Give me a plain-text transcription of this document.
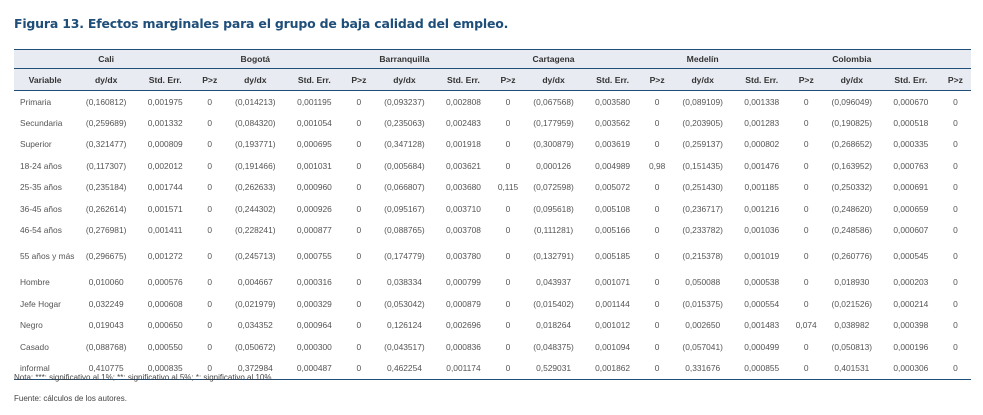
Figura 13. Efectos marginales para el grupo de baja calidad del empleo.
	Cali			Bogotá			Barranquilla			Cartagena			Medelín			Colombia		
Variable	dy/dx	Std. Err.	P>z	dy/dx	Std. Err.	P>z	dy/dx	Std. Err.	P>z	dy/dx	Std. Err.	P>z	dy/dx	Std. Err.	P>z	dy/dx	Std. Err.	P>z
Primaria	(0,160812)	0,001975	0	(0,014213)	0,001195	0	(0,093237)	0,002808	0	(0,067568)	0,003580	0	(0,089109)	0,001338	0	(0,096049)	0,000670	0
Secundaria	(0,259689)	0,001332	0	(0,084320)	0,001054	0	(0,235063)	0,002483	0	(0,177959)	0,003562	0	(0,203905)	0,001283	0	(0,190825)	0,000518	0
Superior	(0,321477)	0,000809	0	(0,193771)	0,000695	0	(0,347128)	0,001918	0	(0,300879)	0,003619	0	(0,259137)	0,000802	0	(0,268652)	0,000335	0
18-24 años	(0,117307)	0,002012	0	(0,191466)	0,001031	0	(0,005684)	0,003621	0	0,000126	0,004989	0,98	(0,151435)	0,001476	0	(0,163952)	0,000763	0
25-35 años	(0,235184)	0,001744	0	(0,262633)	0,000960	0	(0,066807)	0,003680	0,115	(0,072598)	0,005072	0	(0,251430)	0,001185	0	(0,250332)	0,000691	0
36-45 años	(0,262614)	0,001571	0	(0,244302)	0,000926	0	(0,095167)	0,003710	0	(0,095618)	0,005108	0	(0,236717)	0,001216	0	(0,248620)	0,000659	0
46-54 años	(0,276981)	0,001411	0	(0,228241)	0,000877	0	(0,088765)	0,003708	0	(0,111281)	0,005166	0	(0,233782)	0,001036	0	(0,248586)	0,000607	0
55 años y más	(0,296675)	0,001272	0	(0,245713)	0,000755	0	(0,174779)	0,003780	0	(0,132791)	0,005185	0	(0,215378)	0,001019	0	(0,260776)	0,000545	0
Hombre	0,010060	0,000576	0	0,004667	0,000316	0	0,038334	0,000799	0	0,043937	0,001071	0	0,050088	0,000538	0	0,018930	0,000203	0
Jefe Hogar	0,032249	0,000608	0	(0,021979)	0,000329	0	(0,053042)	0,000879	0	(0,015402)	0,001144	0	(0,015375)	0,000554	0	(0,021526)	0,000214	0
Negro	0,019043	0,000650	0	0,034352	0,000964	0	0,126124	0,002696	0	0,018264	0,001012	0	0,002650	0,001483	0,074	0,038982	0,000398	0
Casado	(0,088768)	0,000550	0	(0,050672)	0,000300	0	(0,043517)	0,000836	0	(0,048375)	0,001094	0	(0,057041)	0,000499	0	(0,050813)	0,000196	0
informal	0,410775	0,000835	0	0,372984	0,000487	0	0,462254	0,001174	0	0,529031	0,001862	0	0,331676	0,000855	0	0,401531	0,000306	0
Nota: ***: significativo al 1%; **: significativo al 5%; *: significativo al 10%.
Fuente: cálculos de los autores.
